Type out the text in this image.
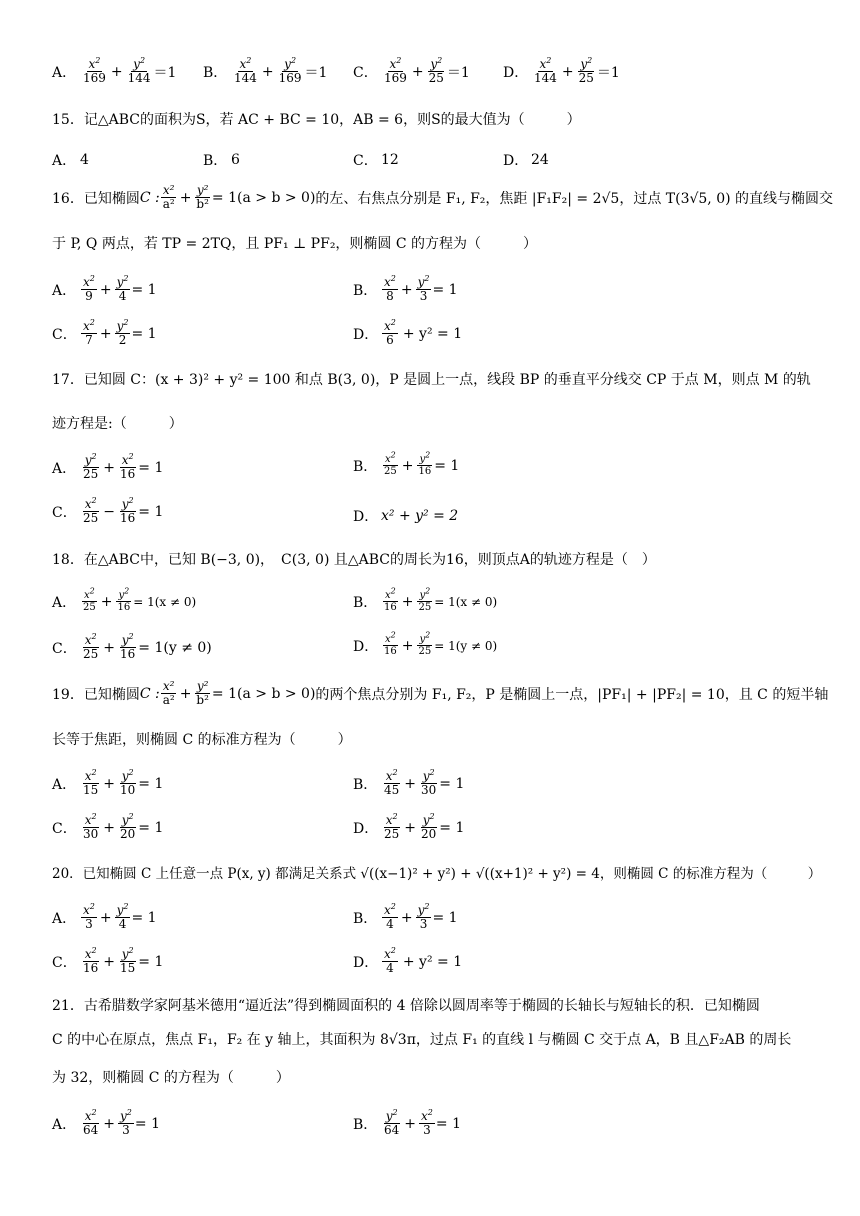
A． $\frac{x^2}{169} + \frac{y^2}{144} =1$ B． $\frac{x^2}{144} + \frac{y^2}{169} =1$ C． $\frac{x^2}{169} + \frac{y^2}{25} =1$ D． $\frac{x^2}{144} + \frac{y^2}{25} =1$
15．记△ABC的面积为S，若 AC + BC = 10，AB = 6，则S的最大值为（　　　）
A． 4	B． 6	C． 12	D． 24
16．已知椭圆 C : $\frac{\text{x²}}{\text{a²}} + \frac{\text{y²}}{\text{b²}} = 1(a > b > 0)$ 的左、右焦点分别是 F₁, F₂，焦距 |F₁F₂| = 2√5，过点 T(3√5, 0) 的直线与椭圆交
于 P, Q 两点，若 TP = 2TQ，且 PF₁ ⊥ PF₂，则椭圆 C 的方程为（　　　）
A． $\frac{x^2}{9} + \frac{y^2}{4} = 1$	B． $\frac{x^2}{8} + \frac{y^2}{3} = 1$
C． $\frac{x^2}{7} + \frac{y^2}{2} = 1$	D． $\frac{x^2}{6} + y^2 = 1$
17．已知圆 C：(x + 3)² + y² = 100 和点 B(3, 0)，P 是圆上一点，线段 BP 的垂直平分线交 CP 于点 M，则点 M 的轨
迹方程是:（　　　）
A． $\frac{y^2}{25} + \frac{x^2}{16} = 1$	B． $\frac{x^2}{25} + \frac{y^2}{16} = 1$
C． $\frac{x^2}{25} - \frac{y^2}{16} = 1$	D． x² + y² = 2
18．在△ABC中，已知 B(−3, 0)，　C(3, 0) 且△ABC的周长为16，则顶点A的轨迹方程是（　）
A． $\frac{x^2}{25} + \frac{y^2}{16} = 1(x \ne 0)$	B． $\frac{x^2}{16} + \frac{y^2}{25} = 1(x \ne 0)$
C． $\frac{x^2}{25} + \frac{y^2}{16} = 1(y \ne 0)$	D． $\frac{x^2}{16} + \frac{y^2}{25} = 1(y \ne 0)$
19．已知椭圆 C : $\frac{\text{x²}}{\text{a²}} + \frac{\text{y²}}{\text{b²}} = 1(a > b > 0)$ 的两个焦点分别为 F₁, F₂，P 是椭圆上一点，|PF₁| + |PF₂| = 10，且 C 的短半轴
长等于焦距，则椭圆 C 的标准方程为（　　　）
A． $\frac{x^2}{15} + \frac{y^2}{10} = 1$	B． $\frac{x^2}{45} + \frac{y^2}{30} = 1$
C． $\frac{x^2}{30} + \frac{y^2}{20} = 1$	D． $\frac{x^2}{25} + \frac{y^2}{20} = 1$
20．已知椭圆 C 上任意一点 P(x, y) 都满足关系式 √((x−1)² + y²) + √((x+1)² + y²) = 4，则椭圆 C 的标准方程为（　　　）
A． $\frac{x^2}{3} + \frac{y^2}{4} = 1$	B． $\frac{x^2}{4} + \frac{y^2}{3} = 1$
C． $\frac{x^2}{16} + \frac{y^2}{15} = 1$	D． $\frac{x^2}{4} + y^2 = 1$
21．古希腊数学家阿基米德用“逼近法”得到椭圆面积的 4 倍除以圆周率等于椭圆的长轴长与短轴长的积．已知椭圆
C 的中心在原点，焦点 F₁，F₂ 在 y 轴上，其面积为 8√3π，过点 F₁ 的直线 l 与椭圆 C 交于点 A，B 且△F₂AB 的周长
为 32，则椭圆 C 的方程为（　　　）
A． $\frac{x^2}{64} + \frac{y^2}{3} = 1$	B． $\frac{y^2}{64} + \frac{x^2}{3} = 1$
